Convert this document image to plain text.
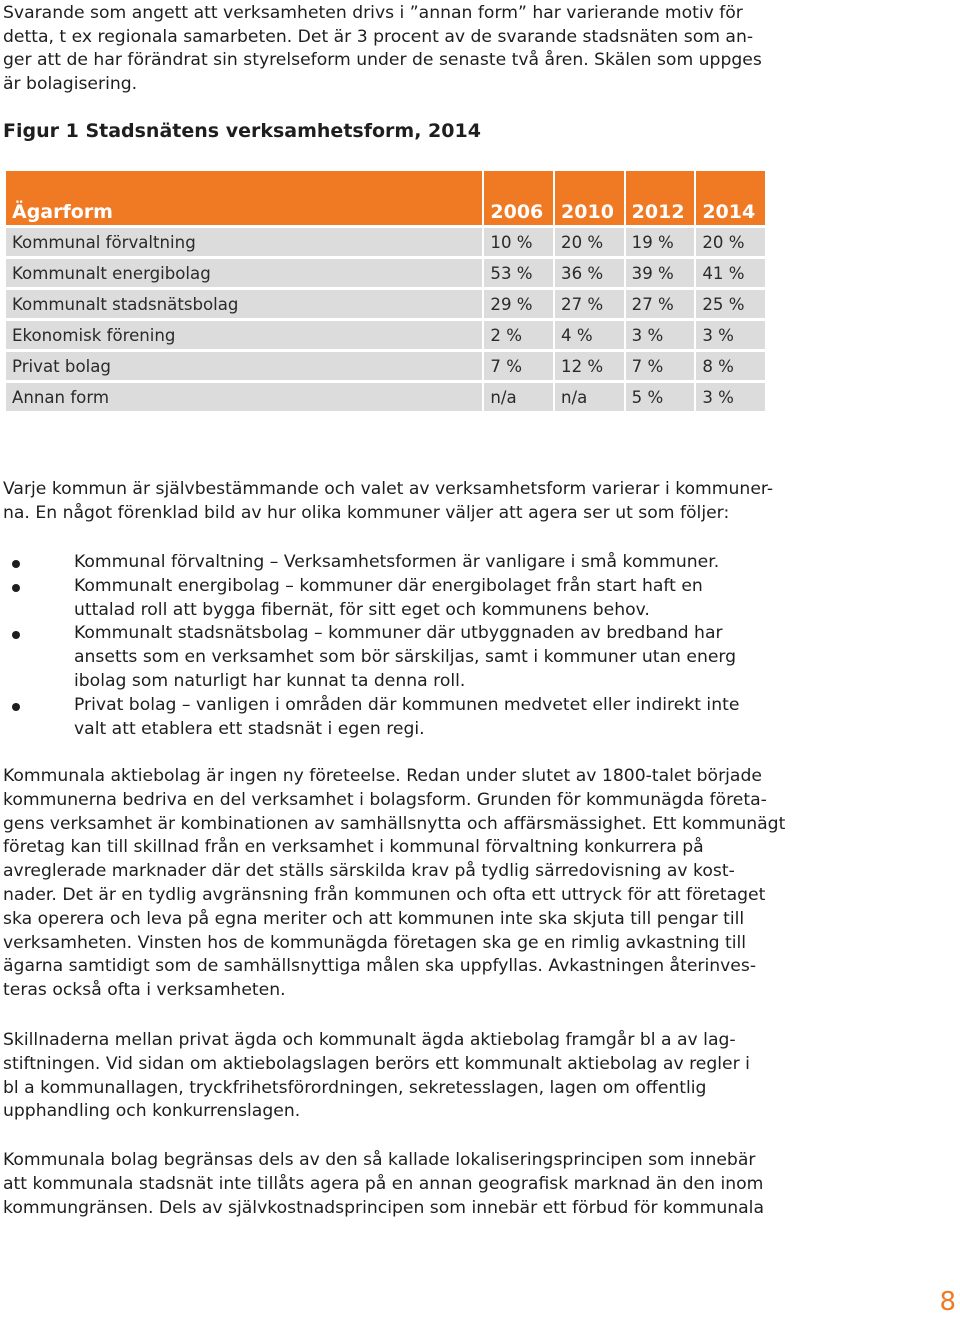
Svarande som angett att verksamheten drivs i ”annan form” har varierande motiv för
detta, t ex regionala samarbeten. Det är 3 procent av de svarande stadsnäten som an-
ger att de har förändrat sin styrelseform under de senaste två åren. Skälen som uppges
är bolagisering.
Figur 1 Stadsnätens verksamhetsform, 2014
Ägarform	2006	2010	2012	2014
Kommunal förvaltning	10 %	20 %	19 %	20 %
Kommunalt energibolag	53 %	36 %	39 %	41 %
Kommunalt stadsnätsbolag	29 %	27 %	27 %	25 %
Ekonomisk förening	2 %	4 %	3 %	3 %
Privat bolag	7 %	12 %	7 %	8 %
Annan form	n/a	n/a	5 %	3 %
Varje kommun är självbestämmande och valet av verksamhetsform varierar i kommuner-
na. En något förenklad bild av hur olika kommuner väljer att agera ser ut som följer:
Kommunal förvaltning – Verksamhetsformen är vanligare i små kommuner.
Kommunalt energibolag – kommuner där energibolaget från start haft en
uttalad roll att bygga fibernät, för sitt eget och kommunens behov.
Kommunalt stadsnätsbolag – kommuner där utbyggnaden av bredband har
ansetts som en verksamhet som bör särskiljas, samt i kommuner utan energ
ibolag som naturligt har kunnat ta denna roll.
Privat bolag – vanligen i områden där kommunen medvetet eller indirekt inte
valt att etablera ett stadsnät i egen regi.
Kommunala aktiebolag är ingen ny företeelse. Redan under slutet av 1800-talet började
kommunerna bedriva en del verksamhet i bolagsform. Grunden för kommunägda företa-
gens verksamhet är kombinationen av samhällsnytta och affärsmässighet. Ett kommunägt
företag kan till skillnad från en verksamhet i kommunal förvaltning konkurrera på
avreglerade marknader där det ställs särskilda krav på tydlig särredovisning av kost-
nader. Det är en tydlig avgränsning från kommunen och ofta ett uttryck för att företaget
ska operera och leva på egna meriter och att kommunen inte ska skjuta till pengar till
verksamheten. Vinsten hos de kommunägda företagen ska ge en rimlig avkastning till
ägarna samtidigt som de samhällsnyttiga målen ska uppfyllas. Avkastningen återinves-
teras också ofta i verksamheten.
Skillnaderna mellan privat ägda och kommunalt ägda aktiebolag framgår bl a av lag-
stiftningen. Vid sidan om aktiebolagslagen berörs ett kommunalt aktiebolag av regler i
bl a kommunallagen, tryckfrihetsförordningen, sekretesslagen, lagen om offentlig
upphandling och konkurrenslagen.
Kommunala bolag begränsas dels av den så kallade lokaliseringsprincipen som innebär
att kommunala stadsnät inte tillåts agera på en annan geografisk marknad än den inom
kommungränsen. Dels av självkostnadsprincipen som innebär ett förbud för kommunala
8
